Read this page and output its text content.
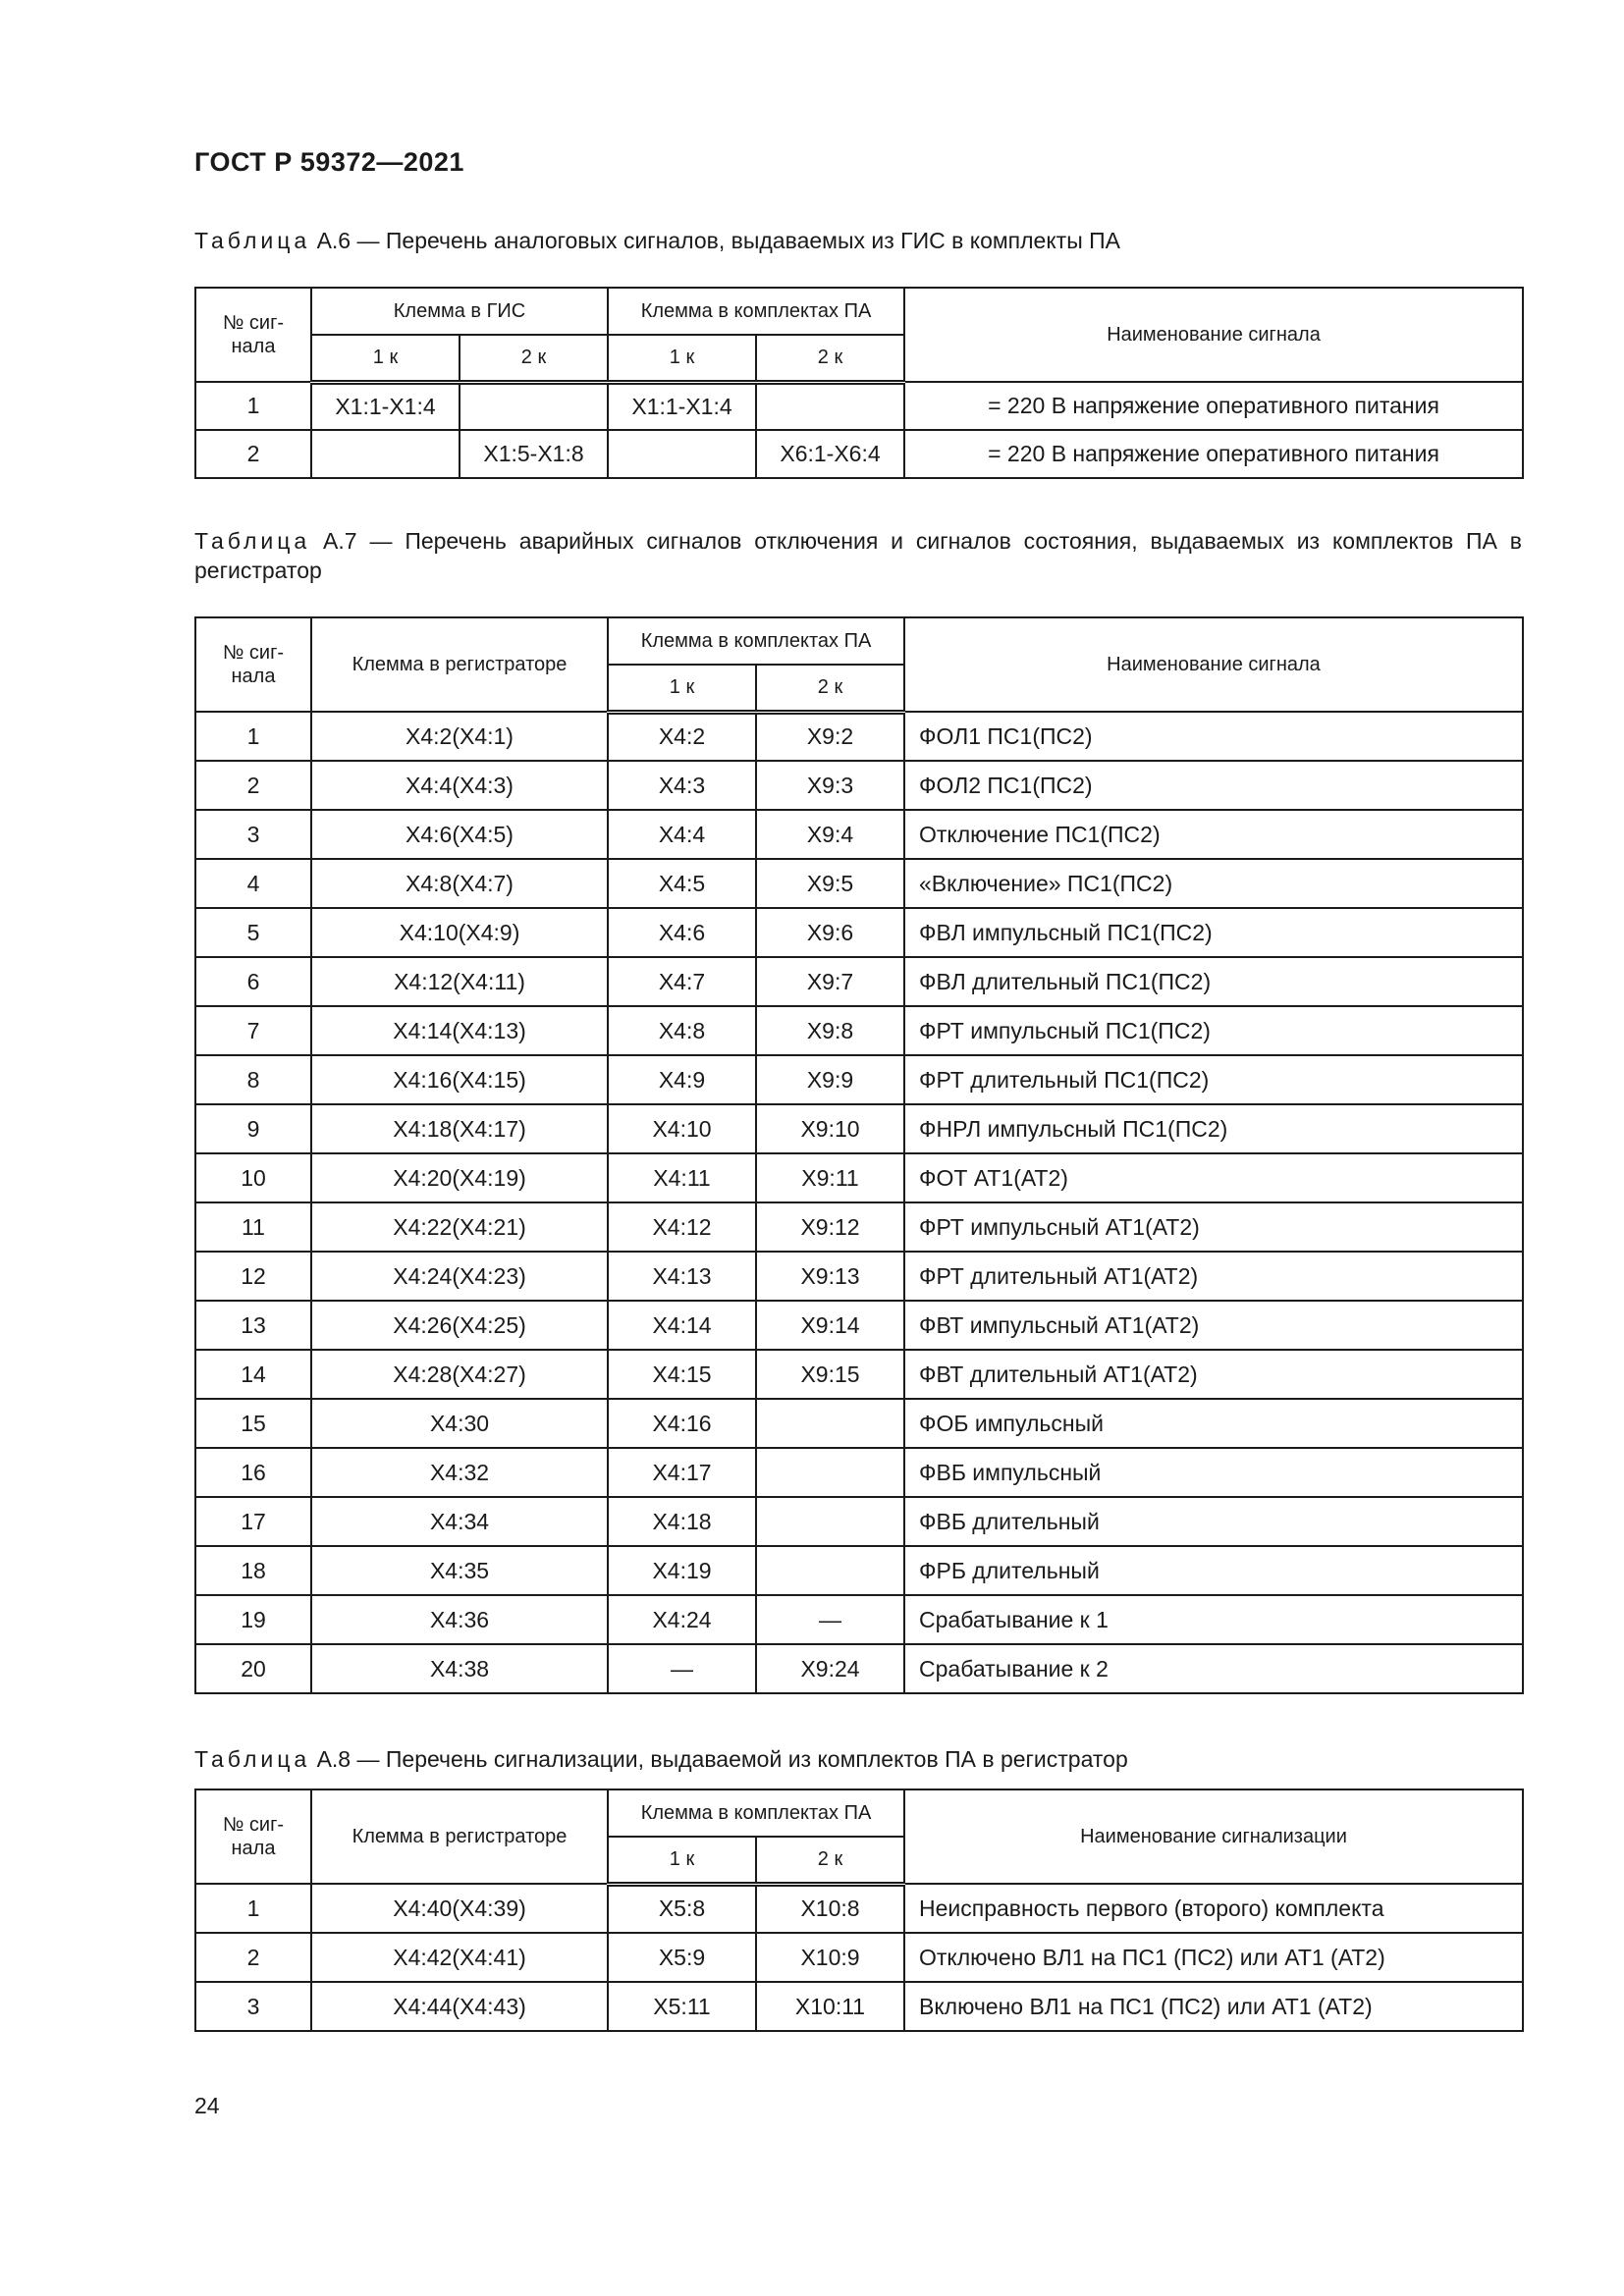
ГОСТ Р 59372—2021
Таблица А.6 — Перечень аналоговых сигналов, выдаваемых из ГИС в комплекты ПА
№ сиг-нала	Клемма в ГИС		Клемма в комплектах ПА		Наименование сигнала
	1 к	2 к	1 к	2 к	
1	X1:1-X1:4		X1:1-X1:4		= 220 В напряжение оперативного питания
2		X1:5-X1:8		X6:1-X6:4	= 220 В напряжение оперативного питания
Таблица А.7 — Перечень аварийных сигналов отключения и сигналов состояния, выдаваемых из комплектов ПА в регистратор
№ сиг-нала	Клемма в регистраторе	Клемма в комплектах ПА		Наименование сигнала
		1 к	2 к	
1	X4:2(X4:1)	X4:2	X9:2	ФОЛ1 ПС1(ПС2)
2	X4:4(X4:3)	X4:3	X9:3	ФОЛ2 ПС1(ПС2)
3	X4:6(X4:5)	X4:4	X9:4	Отключение ПС1(ПС2)
4	X4:8(X4:7)	X4:5	X9:5	«Включение» ПС1(ПС2)
5	X4:10(X4:9)	X4:6	X9:6	ФВЛ импульсный ПС1(ПС2)
6	X4:12(X4:11)	X4:7	X9:7	ФВЛ длительный ПС1(ПС2)
7	X4:14(X4:13)	X4:8	X9:8	ФРТ импульсный ПС1(ПС2)
8	X4:16(X4:15)	X4:9	X9:9	ФРТ длительный ПС1(ПС2)
9	X4:18(X4:17)	X4:10	X9:10	ФНРЛ импульсный ПС1(ПС2)
10	X4:20(X4:19)	X4:11	X9:11	ФОТ АТ1(АТ2)
11	X4:22(X4:21)	X4:12	X9:12	ФРТ импульсный АТ1(АТ2)
12	X4:24(X4:23)	X4:13	X9:13	ФРТ длительный АТ1(АТ2)
13	X4:26(X4:25)	X4:14	X9:14	ФВТ импульсный АТ1(АТ2)
14	X4:28(X4:27)	X4:15	X9:15	ФВТ длительный АТ1(АТ2)
15	X4:30	X4:16		ФОБ импульсный
16	X4:32	X4:17		ФВБ импульсный
17	X4:34	X4:18		ФВБ длительный
18	X4:35	X4:19		ФРБ длительный
19	X4:36	X4:24	—	Срабатывание к 1
20	X4:38	—	X9:24	Срабатывание к 2
Таблица А.8 — Перечень сигнализации, выдаваемой из комплектов ПА в регистратор
№ сиг-нала	Клемма в регистраторе	Клемма в комплектах ПА		Наименование сигнализации
		1 к	2 к	
1	X4:40(X4:39)	X5:8	X10:8	Неисправность первого (второго) комплекта
2	X4:42(X4:41)	X5:9	X10:9	Отключено ВЛ1 на ПС1 (ПС2) или АТ1 (АТ2)
3	X4:44(X4:43)	X5:11	X10:11	Включено ВЛ1 на ПС1 (ПС2) или АТ1 (АТ2)
24
